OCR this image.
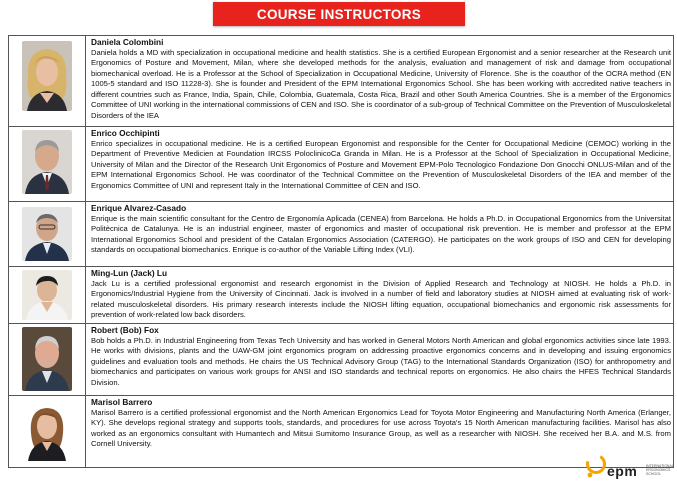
COURSE INSTRUCTORS

Daniela Colombini
Daniela holds a MD with specialization in occupational medicine and health statistics. She is a certified European Ergonomist and a senior researcher at the Research unit Ergonomics of Posture and Movement, Milan, where she developed methods for the analysis, evaluation and management of risk and damage from occupational biomechanical overload. He is a Professor at the School of Specialization in Occupational Medicine, University of Florence. She is the coauthor of the OCRA method (EN 1005-5 standard and ISO 11228-3). She is founder and President of the EPM International Ergonomics School. She has been working with accredited native teachers in different countries such as France, India, Spain, Chile, Colombia, Guatemala, Costa Rica, Brazil and other South America Countries. She is a member of the Ergonomics Committee of UNI working in the international commissions of CEN and ISO. She is coordinator of a sub-group of Technical Committee on the Prevention of Musculoskeletal Disorders of the IEA

Enrico Occhipinti
Enrico specializes in occupational medicine. He is a certified European Ergonomist and responsible for the Center for Occupational Medicine (CEMOC) working in the Department of Preventive Medicien at Foundation IRCSS PoloclinicoCa Granda in Milan. He is a Professor at the School of Specialization in Occupational Medicine, University of Milan and the Director of the Research Unit Ergonomics of Posture and Movement EPM-Polo Tecnologico Fondazione Don Gnocchi ONLUS-Milan and of the EPM International Ergonomics School. He was coordinator of the Technical Committee on the Prevention of Musculoskeletal Disorders of the IEA and member of the Ergonomics Committee of UNI and represent Italy in the International Committee of CEN and ISO.

Enrique Alvarez-Casado
Enrique is the main scientific consultant for the Centro de Ergonomía Aplicada (CENEA) from Barcelona. He holds a Ph.D. in Occupational Ergonomics from the Universitat Politècnica de Catalunya. He is an industrial engineer, master of ergonomics and master of occupational risk prevention. He is member and professor at the EPM International Ergonomics School and president of the Catalan Ergonomics Association (CATERGO). He participates on the work groups of ISO and CEN for developing standards on occupational biomechanics. Enrique is co-author of the Variable Lifting Index (VLI).

Ming-Lun (Jack) Lu
Jack Lu is a certified professional ergonomist and research ergonomist in the Division of Applied Research and Technology at NIOSH. He holds a Ph.D. in Ergonomics/Industrial Hygiene from the University of Cincinnati. Jack is involved in a number of field and laboratory studies at NIOSH aimed at evaluating risk of work-related musculoskeletal disorders. His primary research interests include the NIOSH lifting equation, occupational biomechanics and ergonomic risk assessments for prevention of work-related low back disorders.

Robert (Bob) Fox
Bob holds a Ph.D. in Industrial Engineering from Texas Tech University and has worked in General Motors North American and global ergonomics activities since late 1993. He works with divisions, plants and the UAW-GM joint ergonomics program on addressing proactive ergonomics concerns and in developing and issuing ergonomics guidelines and evaluation tools and methods. He chairs the US Technical Advisory Group (TAG) to the International Standards Organization (ISO) for anthropometry and biomechanics and participates on various work groups for ANSI and ISO standards and technical reports on ergonomics. He also chairs the HFES Technical Standards Division.

Marisol Barrero
Marisol Barrero is a certified professional ergonomist and the North American Ergonomics Lead for Toyota Motor Engineering and Manufacturing North America (Erlanger, KY). She develops regional strategy and supports tools, standards, and procedures for use across Toyota's 15 North American manufacturing facilities. Marisol has also worked as an ergonomics consultant with Humantech and Mitsui Sumitomo Insurance Group, as well as a researcher with NIOSH. She received her B.A. and M.S. from Cornell University.
epm INTERNATIONAL ERGONOMICS SCHOOL
